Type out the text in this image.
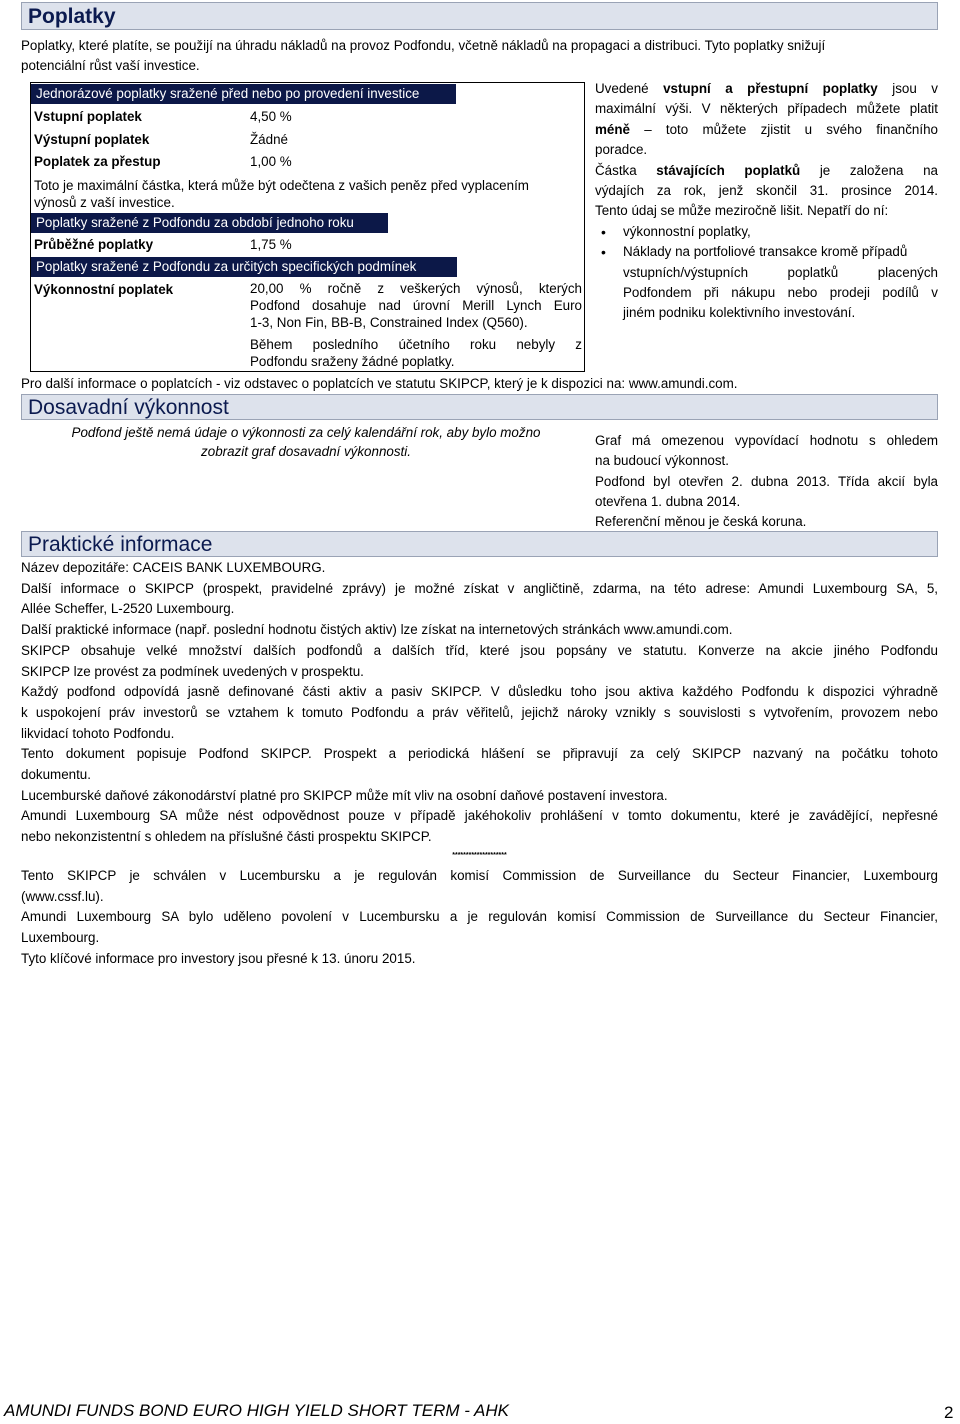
Poplatky
Poplatky, které platíte, se použijí na úhradu nákladů na provoz Podfondu, včetně nákladů na propagaci a distribuci. Tyto poplatky snižují
potenciální růst vaší investice.
Jednorázové poplatky sražené před nebo po provedení investice
Vstupní poplatek	4,50 %
Výstupní poplatek	Žádné
Poplatek za přestup	1,00 %
Toto je maximální částka, která může být odečtena z vašich peněz před vyplacením
výnosů z vaší investice.
Poplatky sražené z Podfondu za období jednoho roku
Průběžné poplatky	1,75 %
Poplatky sražené z Podfondu za určitých specifických podmínek
Výkonnostní poplatek	20,00 % ročně z veškerých výnosů, kterých
Podfond dosahuje nad úrovní Merill Lynch Euro
1-3, Non Fin, BB-B, Constrained Index (Q560).
Během posledního účetního roku nebyly z
Podfondu sraženy žádné poplatky.

Uvedené vstupní a přestupní poplatky jsou v

maximální výši. V některých případech můžete platit

méně – toto můžete zjistit u svého finančního

poradce.

Částka stávajících poplatků je založena na

výdajích za rok, jenž skončil 31. prosince 2014.

Tento údaj se může meziročně lišit. Nepatří do ní:

• výkonnostní poplatky,
• Náklady na portfoliové transakce kromě případů
vstupních/výstupních poplatků placených
Podfondem při nákupu nebo prodeji podílů v
jiném podniku kolektivního investování.
Pro další informace o poplatcích - viz odstavec o poplatcích ve statutu SKIPCP, který je k dispozici na: www.amundi.com.
Dosavadní výkonnost
Podfond ještě nemá údaje o výkonnosti za celý kalendářní rok, aby bylo možno
zobrazit graf dosavadní výkonnosti.
Graf má omezenou vypovídací hodnotu s ohledem
na budoucí výkonnost.
Podfond byl otevřen 2. dubna 2013. Třída akcií byla
otevřena 1. dubna 2014.
Referenční měnou je česká koruna.
Praktické informace
Název depozitáře: CACEIS BANK LUXEMBOURG.
Další informace o SKIPCP (prospekt, pravidelné zprávy) je možné získat v angličtině, zdarma, na této adrese: Amundi Luxembourg SA, 5,
Allée Scheffer, L-2520 Luxembourg.
Další praktické informace (např. poslední hodnotu čistých aktiv) lze získat na internetových stránkách www.amundi.com.
SKIPCP obsahuje velké množství dalších podfondů a dalších tříd, které jsou popsány ve statutu. Konverze na akcie jiného Podfondu
SKIPCP lze provést za podmínek uvedených v prospektu.
Každý podfond odpovídá jasně definované části aktiv a pasiv SKIPCP. V důsledku toho jsou aktiva každého Podfondu k dispozici výhradně
k uspokojení práv investorů se vztahem k tomuto Podfondu a práv věřitelů, jejichž nároky vznikly s souvislosti s vytvořením, provozem nebo
likvidací tohoto Podfondu.
Tento dokument popisuje Podfond SKIPCP. Prospekt a periodická hlášení se připravují za celý SKIPCP nazvaný na počátku tohoto
dokumentu.
Lucemburské daňové zákonodárství platné pro SKIPCP může mít vliv na osobní daňové postavení investora.
Amundi Luxembourg SA může nést odpovědnost pouze v případě jakéhokoliv prohlášení v tomto dokumentu, které je zavádějící, nepřesné
nebo nekonzistentní s ohledem na příslušné části prospektu SKIPCP.
********************
Tento SKIPCP je schválen v Lucembursku a je regulován komisí Commission de Surveillance du Secteur Financier, Luxembourg
(www.cssf.lu).
Amundi Luxembourg SA bylo uděleno povolení v Lucembursku a je regulován komisí Commission de Surveillance du Secteur Financier,
Luxembourg.
Tyto klíčové informace pro investory jsou přesné k 13. únoru 2015.
AMUNDI FUNDS BOND EURO HIGH YIELD SHORT TERM - AHK	2
